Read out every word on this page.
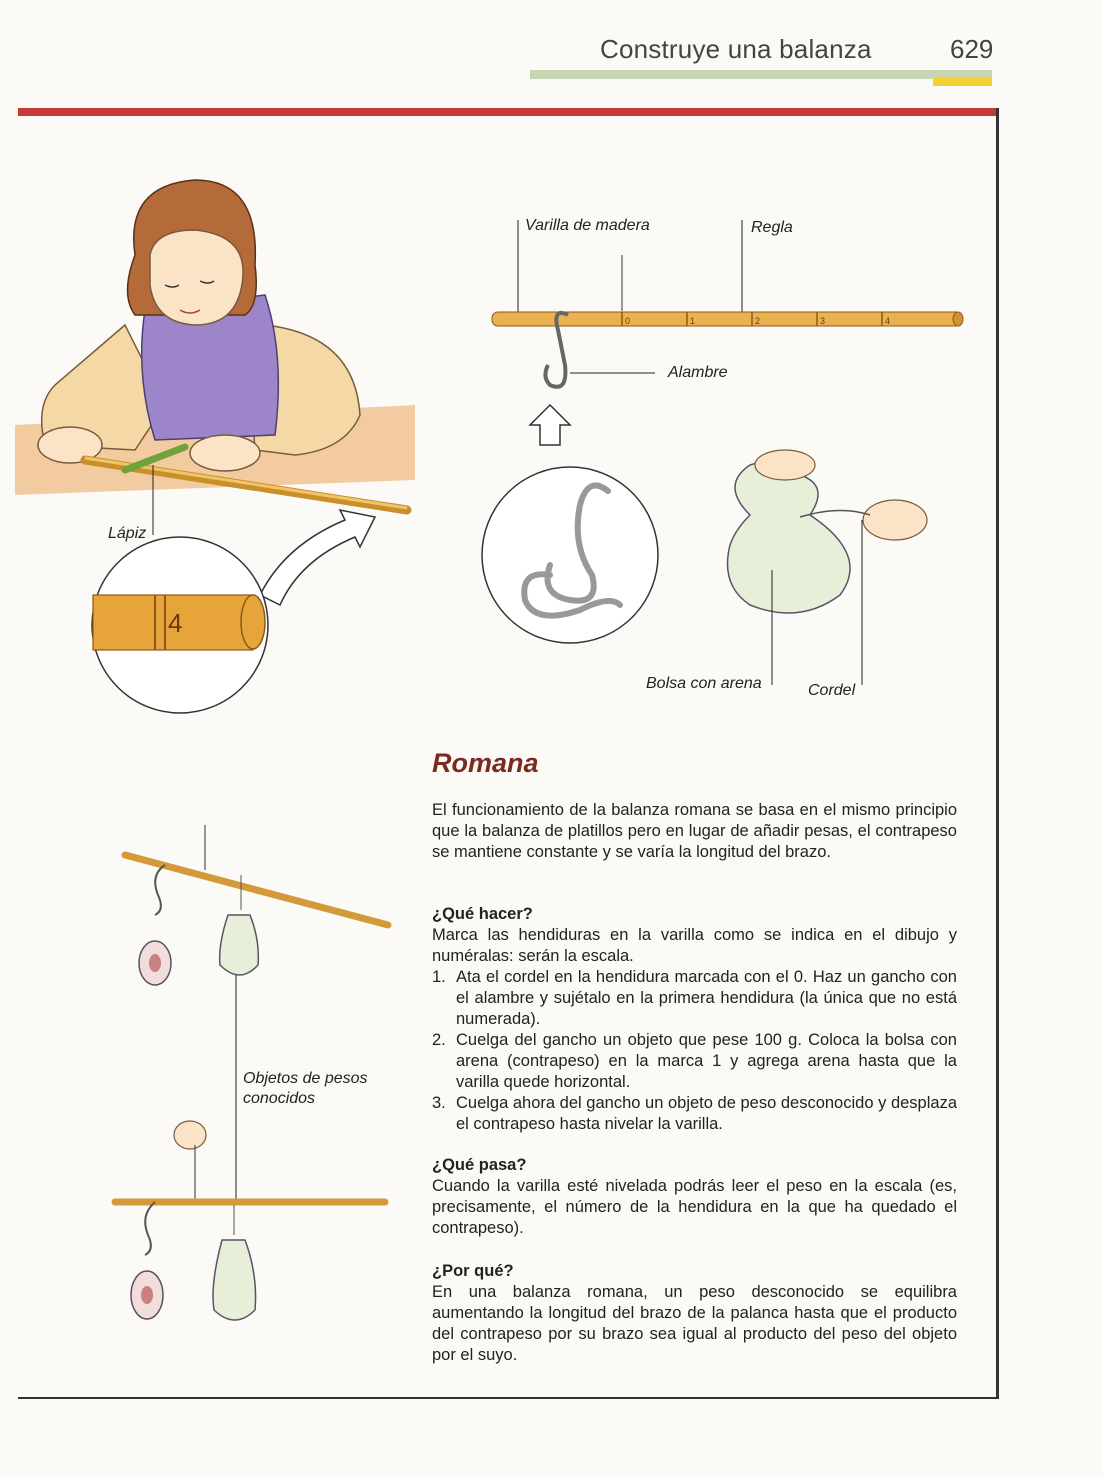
Construye una balanza	629
4
Lápiz
0	1	2	3	4
Varilla de madera	Regla
Alambre
Bolsa con arena	Cordel
Objetos de pesos
conocidos
Romana

El funcionamiento de la balanza romana se basa en el mismo principio que la balanza de platillos pero en lugar de añadir pesas, el contrapeso se mantiene constante y se varía la longitud del brazo.

¿Qué hacer?

Marca las hendiduras en la varilla como se indica en el dibujo y numéralas: serán la escala.

1. Ata el cordel en la hendidura marcada con el 0. Haz un gancho con el alambre y sujétalo en la primera hendidura (la única que no está numerada).
2. Cuelga del gancho un objeto que pese 100 g. Coloca la bolsa con arena (contrapeso) en la marca 1 y agrega arena hasta que la varilla quede horizontal.
3. Cuelga ahora del gancho un objeto de peso desconocido y desplaza el contrapeso hasta nivelar la varilla.
¿Qué pasa?

Cuando la varilla esté nivelada podrás leer el peso en la escala (es, precisamente, el número de la hendidura en la que ha quedado el contrapeso).

¿Por qué?

En una balanza romana, un peso desconocido se equilibra aumentando la longitud del brazo de la palanca hasta que el producto del contrapeso por su brazo sea igual al producto del peso del objeto por el suyo.
